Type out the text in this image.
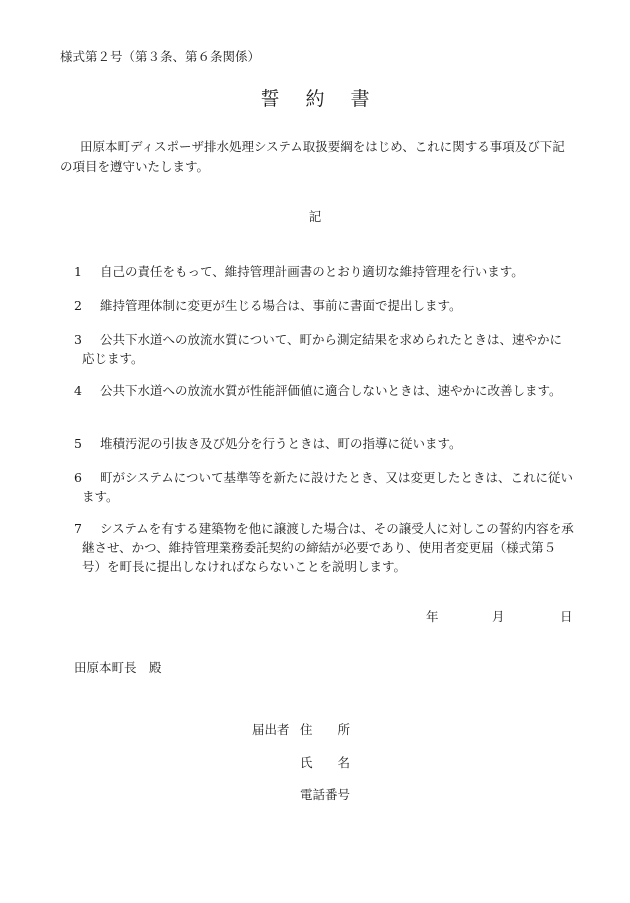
様式第２号（第３条、第６条関係）
誓約書
田原本町ディスポーザ排水処理システム取扱要綱をはじめ、これに関する事項及び下記の項目を遵守いたします。
記
1	自己の責任をもって、維持管理計画書のとおり適切な維持管理を行います。
2	維持管理体制に変更が生じる場合は、事前に書面で提出します。
3	公共下水道への放流水質について、町から測定結果を求められたときは、速やかに応じます。
4	公共下水道への放流水質が性能評価値に適合しないときは、速やかに改善します。
5	堆積汚泥の引抜き及び処分を行うときは、町の指導に従います。
6	町がシステムについて基準等を新たに設けたとき、又は変更したときは、これに従います。
7	システムを有する建築物を他に譲渡した場合は、その譲受人に対しこの誓約内容を承継させ、かつ、維持管理業務委託契約の締結が必要であり、使用者変更届（様式第５号）を町長に提出しなければならないことを説明します。
年	月	日
田原本町長　殿
届出者 住　　所
氏　　名
電話番号
